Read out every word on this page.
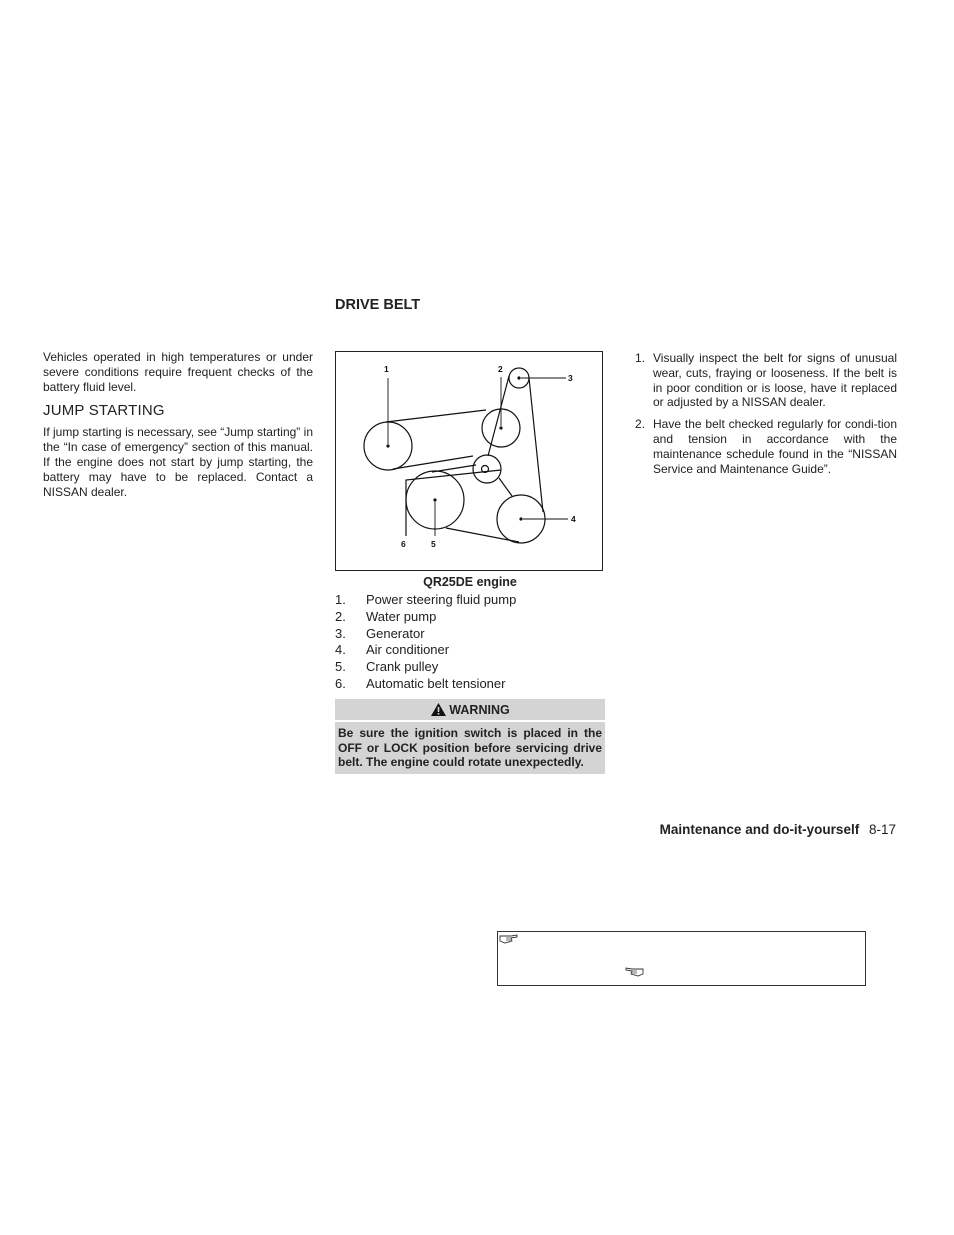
Vehicles operated in high temperatures or under severe conditions require frequent checks of the battery fluid level.

JUMP STARTING

If jump starting is necessary, see “Jump starting” in the “In case of emergency” section of this manual. If the engine does not start by jump starting, the battery may have to be replaced. Contact a NISSAN dealer.

DRIVE BELT
1	2
3
4
6	5
QR25DE engine
1. Power steering fluid pump
2. Water pump
3. Generator
4. Air conditioner
5. Crank pulley
6. Automatic belt tensioner
WARNING
Be sure the ignition switch is placed in the OFF or LOCK position before servicing drive belt. The engine could rotate unexpectedly.
1. Visually inspect the belt for signs of unusual wear, cuts, fraying or looseness. If the belt is in poor condition or is loose, have it replaced or adjusted by a NISSAN dealer.
2. Have the belt checked regularly for condi-tion and tension in accordance with the maintenance schedule found in the “NISSAN Service and Maintenance Guide”.
Maintenance and do-it-yourself 8-17
